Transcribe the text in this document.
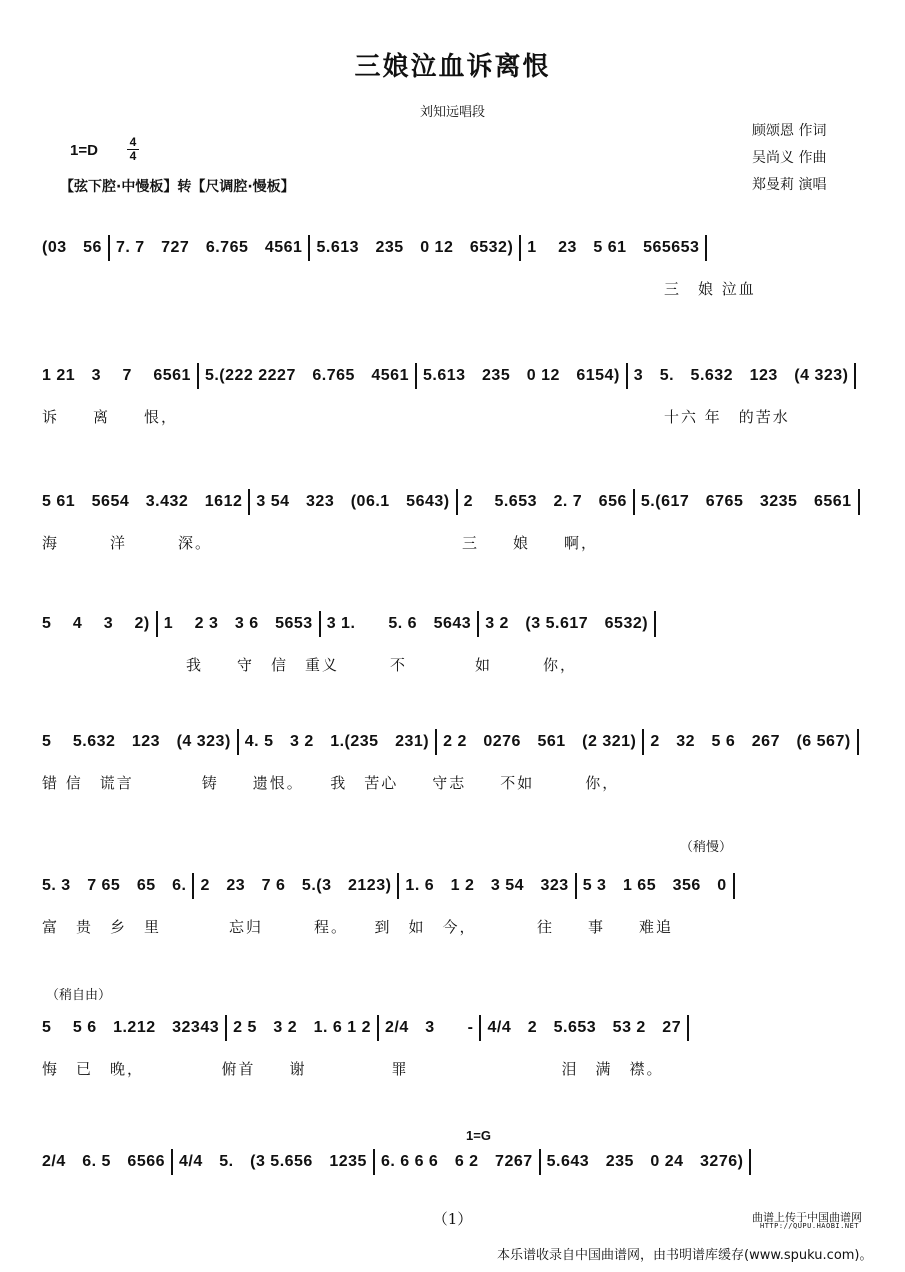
三娘泣血诉离恨
刘知远唱段
1=D	4
4
【弦下腔·中慢板】转【尺调腔·慢板】
顾颂恩 作词
吴尚义 作曲
郑曼莉 演唱
(03　56 7. 7　727　6.765　4561 5.613　235　0 12　6532) 1　 23　5 61　565653
三　娘 泣血
1 21　3　 7　 6561 5.(222 2227　6.765　4561 5.613　235　0 12　6154) 3　5.　5.632　123　(4 323)
诉　　离　　恨，	十六 年　的苦水
5 61　5654　3.432　1612 3 54　323　(06.1　5643) 2　 5.653　2. 7　656 5.(617　6765　3235　6561
海　　　洋　　　深。	三　　娘　　啊，
5　 4　 3　 2) 1　 2 3　3 6　5653 3 1.　　5. 6　5643 3 2　(3 5.617　6532)
我　　守　信　重义　　　不　　　　如　　　你，
5　 5.632　123　(4 323) 4. 5　3 2　1.(235　231) 2 2　0276　561　(2 321) 2　32　5 6　267　(6 567)
错 信　谎言　　　　铸　　遗恨。　　我　苦心　　守志　　不如　　　你，
（稍慢）
5. 3　7 65　65　6. 2　23　7 6　5.(3　2123) 1. 6　1 2　3 54　323 5 3　1 65　356　0
富　贵　乡　里　　　　忘归　　　程。　　到　如　今，　　　　往　　事　　难追
（稍自由）
5　 5 6　1.212　32343 2 5　3 2　1. 6 1 2 2/4　3　　- 4/4　2　5.653　53 2　27
悔　已　晚，　　　　　俯首　　谢　　　　　罪　　　　　　　　　泪　满　襟。
1=G
2/4　6. 5　6566 4/4　5.　(3 5.656　1235 6. 6 6 6　6 2　7267 5.643　235　0 24　3276)
（1）	曲谱上传于中国曲谱网
HTTP://QUPU.HAOBI.NET
本乐谱收录自中国曲谱网，由书明谱库缓存(www.spuku.com)。
